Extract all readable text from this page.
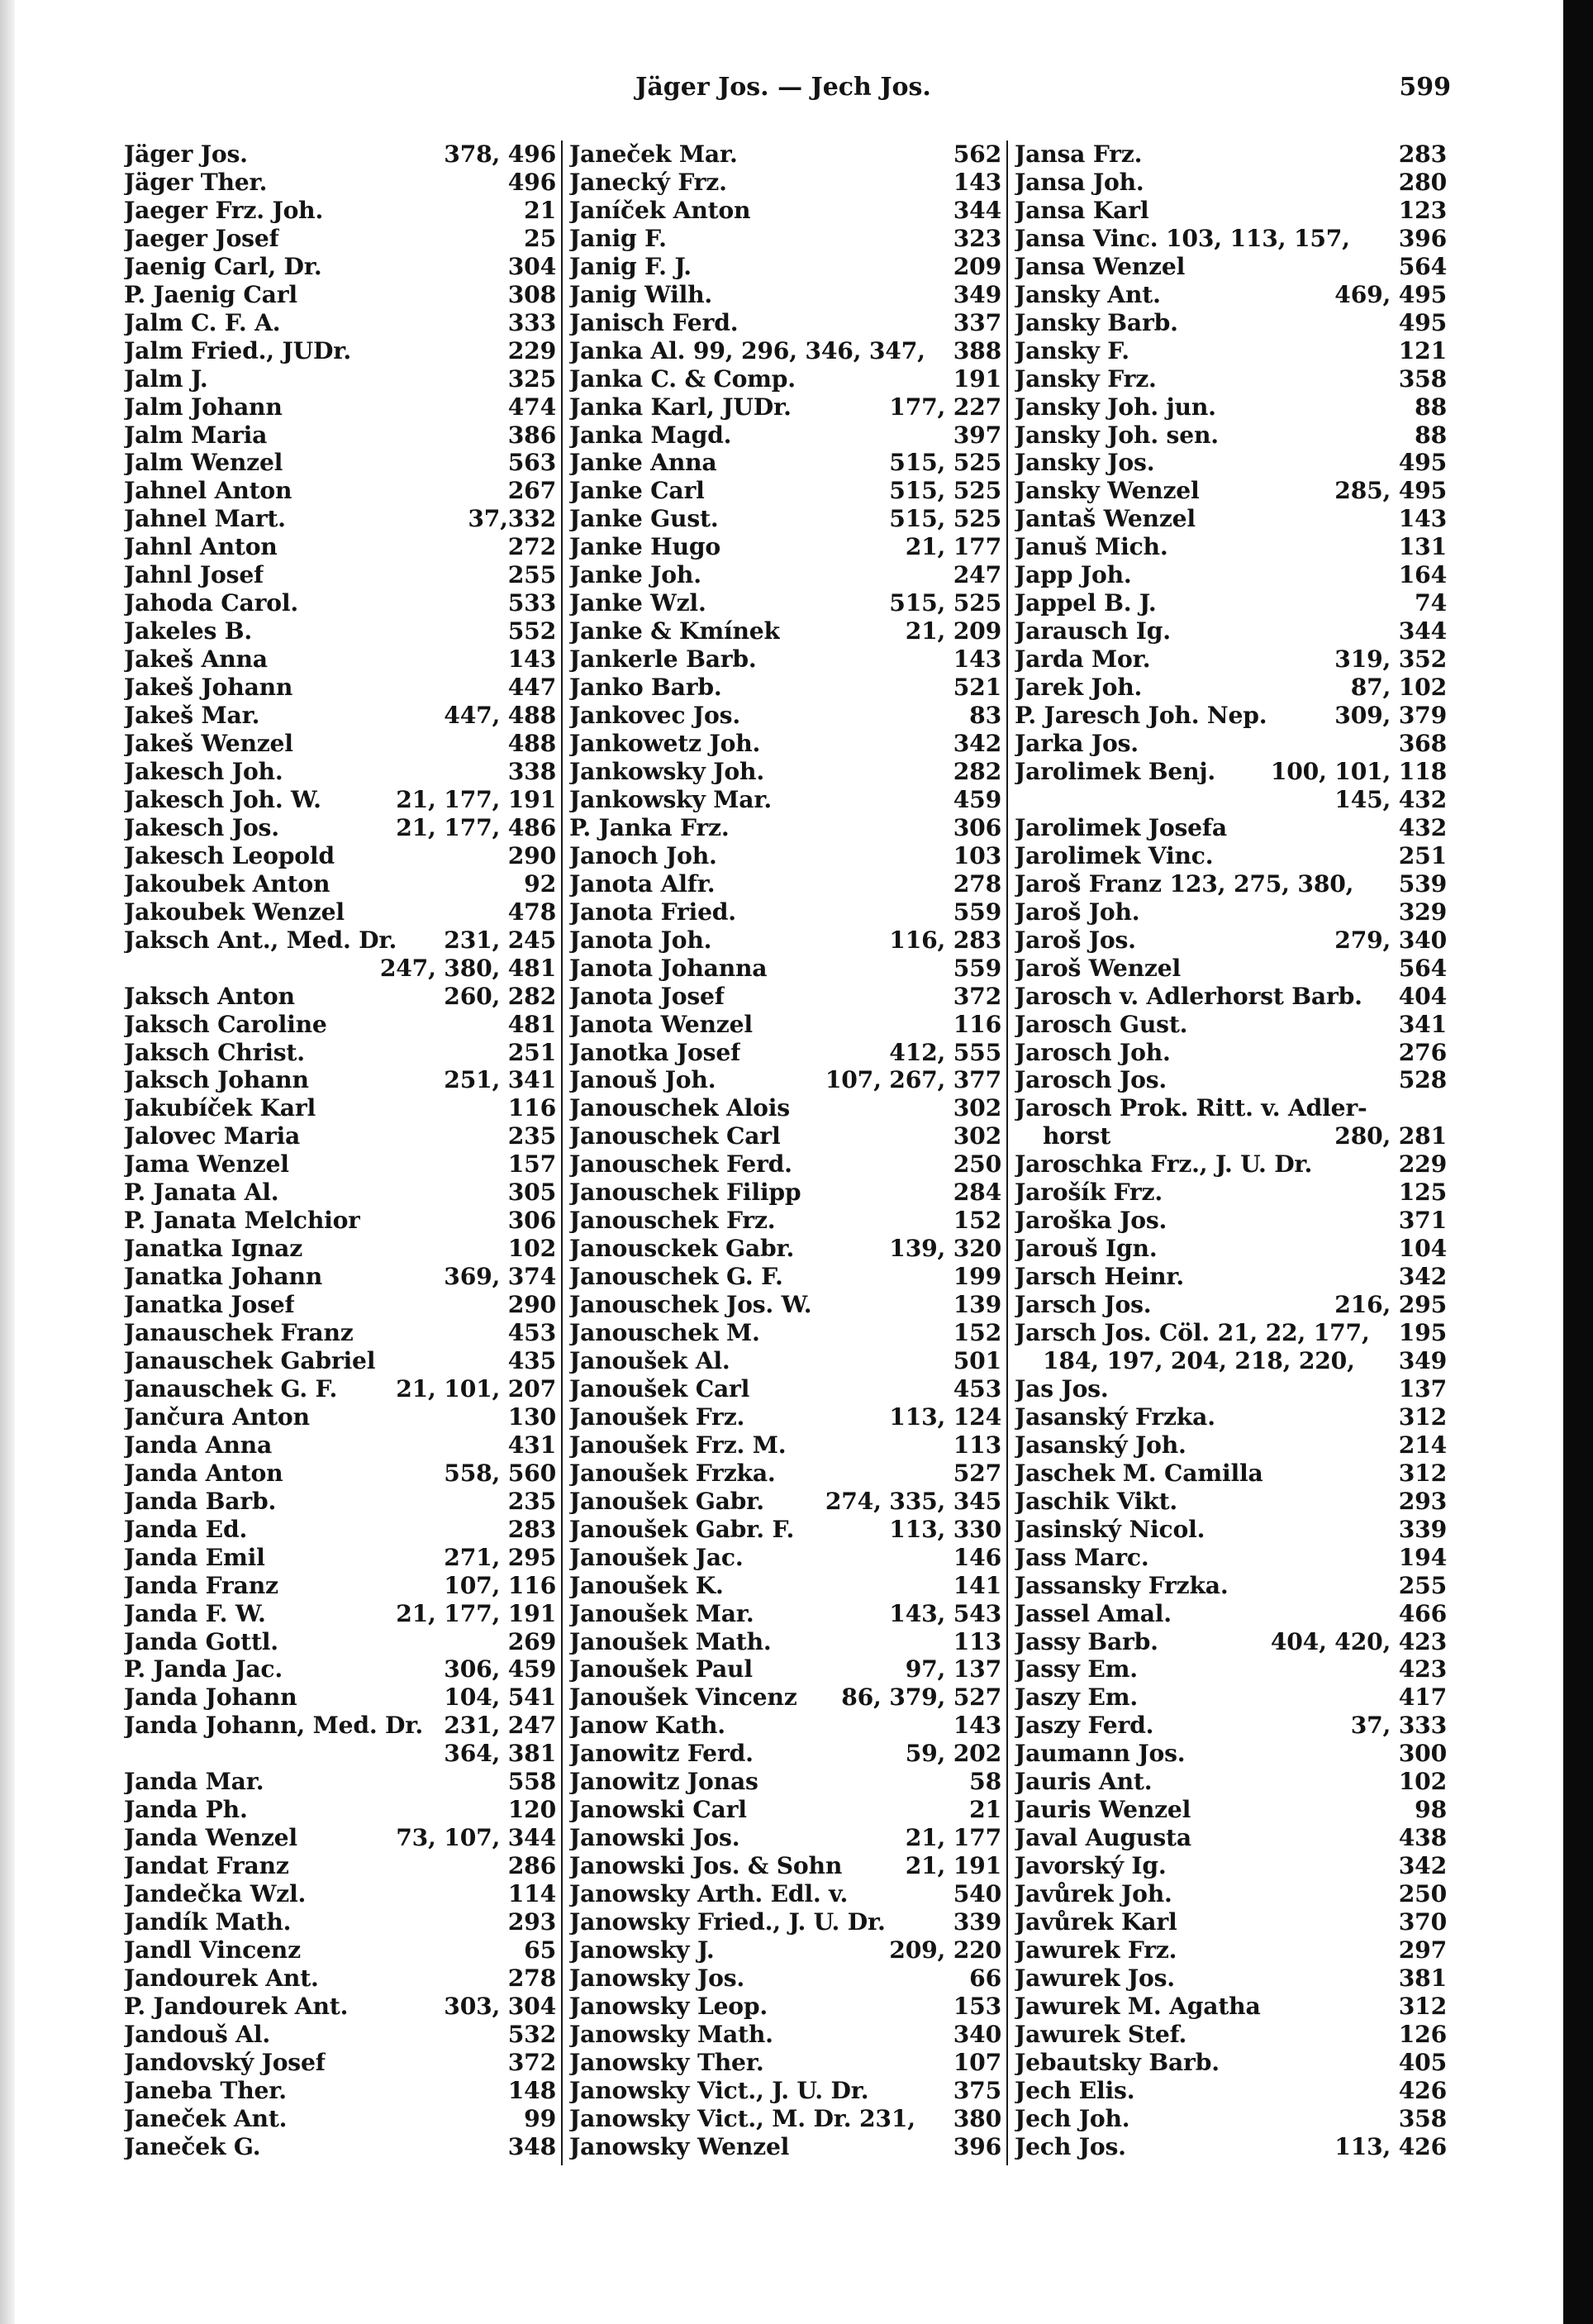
Jäger Jos. — Jech Jos.	599
Jäger Jos.	378, 496
Jäger Ther.	496
Jaeger Frz. Joh.	21
Jaeger Josef	25
Jaenig Carl, Dr.	304
P. Jaenig Carl	308
Jalm C. F. A.	333
Jalm Fried., JUDr.	229
Jalm J.	325
Jalm Johann	474
Jalm Maria	386
Jalm Wenzel	563
Jahnel Anton	267
Jahnel Mart.	37,332
Jahnl Anton	272
Jahnl Josef	255
Jahoda Carol.	533
Jakeles B.	552
Jakeš Anna	143
Jakeš Johann	447
Jakeš Mar.	447, 488
Jakeš Wenzel	488
Jakesch Joh.	338
Jakesch Joh. W.	21, 177, 191
Jakesch Jos.	21, 177, 486
Jakesch Leopold	290
Jakoubek Anton	92
Jakoubek Wenzel	478
Jaksch Ant., Med. Dr.	231, 245
247, 380, 481
Jaksch Anton	260, 282
Jaksch Caroline	481
Jaksch Christ.	251
Jaksch Johann	251, 341
Jakubíček Karl	116
Jalovec Maria	235
Jama Wenzel	157
P. Janata Al.	305
P. Janata Melchior	306
Janatka Ignaz	102
Janatka Johann	369, 374
Janatka Josef	290
Janauschek Franz	453
Janauschek Gabriel	435
Janauschek G. F.	21, 101, 207
Jančura Anton	130
Janda Anna	431
Janda Anton	558, 560
Janda Barb.	235
Janda Ed.	283
Janda Emil	271, 295
Janda Franz	107, 116
Janda F. W.	21, 177, 191
Janda Gottl.	269
P. Janda Jac.	306, 459
Janda Johann	104, 541
Janda Johann, Med. Dr. 231, 247
364, 381
Janda Mar.	558
Janda Ph.	120
Janda Wenzel	73, 107, 344
Jandat Franz	286
Jandečka Wzl.	114
Jandík Math.	293
Jandl Vincenz	65
Jandourek Ant.	278
P. Jandourek Ant.	303, 304
Jandouš Al.	532
Jandovský Josef	372
Janeba Ther.	148
Janeček Ant.	99
Janeček G.	348
Janeček Mar.	562
Janecký Frz.	143
Janíček Anton	344
Janig F.	323
Janig F. J.	209
Janig Wilh.	349
Janisch Ferd.	337
Janka Al. 99, 296, 346, 347,	388
Janka C. & Comp.	191
Janka Karl, JUDr.	177, 227
Janka Magd.	397
Janke Anna	515, 525
Janke Carl	515, 525
Janke Gust.	515, 525
Janke Hugo	21, 177
Janke Joh.	247
Janke Wzl.	515, 525
Janke & Kmínek	21, 209
Jankerle Barb.	143
Janko Barb.	521
Jankovec Jos.	83
Jankowetz Joh.	342
Jankowsky Joh.	282
Jankowsky Mar.	459
P. Janka Frz.	306
Janoch Joh.	103
Janota Alfr.	278
Janota Fried.	559
Janota Joh.	116, 283
Janota Johanna	559
Janota Josef	372
Janota Wenzel	116
Janotka Josef	412, 555
Janouš Joh.	107, 267, 377
Janouschek Alois	302
Janouschek Carl	302
Janouschek Ferd.	250
Janouschek Filipp	284
Janouschek Frz.	152
Janousckek Gabr.	139, 320
Janouschek G. F.	199
Janouschek Jos. W.	139
Janouschek M.	152
Janoušek Al.	501
Janoušek Carl	453
Janoušek Frz.	113, 124
Janoušek Frz. M.	113
Janoušek Frzka.	527
Janoušek Gabr.	274, 335, 345
Janoušek Gabr. F.	113, 330
Janoušek Jac.	146
Janoušek K.	141
Janoušek Mar.	143, 543
Janoušek Math.	113
Janoušek Paul	97, 137
Janoušek Vincenz	86, 379, 527
Janow Kath.	143
Janowitz Ferd.	59, 202
Janowitz Jonas	58
Janowski Carl	21
Janowski Jos.	21, 177
Janowski Jos. & Sohn	21, 191
Janowsky Arth. Edl. v.	540
Janowsky Fried., J. U. Dr.	339
Janowsky J.	209, 220
Janowsky Jos.	66
Janowsky Leop.	153
Janowsky Math.	340
Janowsky Ther.	107
Janowsky Vict., J. U. Dr.	375
Janowsky Vict., M. Dr. 231,	380
Janowsky Wenzel	396
Jansa Frz.	283
Jansa Joh.	280
Jansa Karl	123
Jansa Vinc. 103, 113, 157,	396
Jansa Wenzel	564
Jansky Ant.	469, 495
Jansky Barb.	495
Jansky F.	121
Jansky Frz.	358
Jansky Joh. jun.	88
Jansky Joh. sen.	88
Jansky Jos.	495
Jansky Wenzel	285, 495
Jantaš Wenzel	143
Januš Mich.	131
Japp Joh.	164
Jappel B. J.	74
Jarausch Ig.	344
Jarda Mor.	319, 352
Jarek Joh.	87, 102
P. Jaresch Joh. Nep.	309, 379
Jarka Jos.	368
Jarolimek Benj.	100, 101, 118
145, 432
Jarolimek Josefa	432
Jarolimek Vinc.	251
Jaroš Franz 123, 275, 380,	539
Jaroš Joh.	329
Jaroš Jos.	279, 340
Jaroš Wenzel	564
Jarosch v. Adlerhorst Barb.	404
Jarosch Gust.	341
Jarosch Joh.	276
Jarosch Jos.	528
Jarosch Prok. Ritt. v. Adler-
horst	280, 281
Jaroschka Frz., J. U. Dr.	229
Jarošík Frz.	125
Jaroška Jos.	371
Jarouš Ign.	104
Jarsch Heinr.	342
Jarsch Jos.	216, 295
Jarsch Jos. Cöl. 21, 22, 177,	195
184, 197, 204, 218, 220,	349
Jas Jos.	137
Jasanský Frzka.	312
Jasanský Joh.	214
Jaschek M. Camilla	312
Jaschik Vikt.	293
Jasinský Nicol.	339
Jass Marc.	194
Jassansky Frzka.	255
Jassel Amal.	466
Jassy Barb.	404, 420, 423
Jassy Em.	423
Jaszy Em.	417
Jaszy Ferd.	37, 333
Jaumann Jos.	300
Jauris Ant.	102
Jauris Wenzel	98
Javal Augusta	438
Javorský Ig.	342
Javůrek Joh.	250
Javůrek Karl	370
Jawurek Frz.	297
Jawurek Jos.	381
Jawurek M. Agatha	312
Jawurek Stef.	126
Jebautsky Barb.	405
Jech Elis.	426
Jech Joh.	358
Jech Jos.	113, 426
